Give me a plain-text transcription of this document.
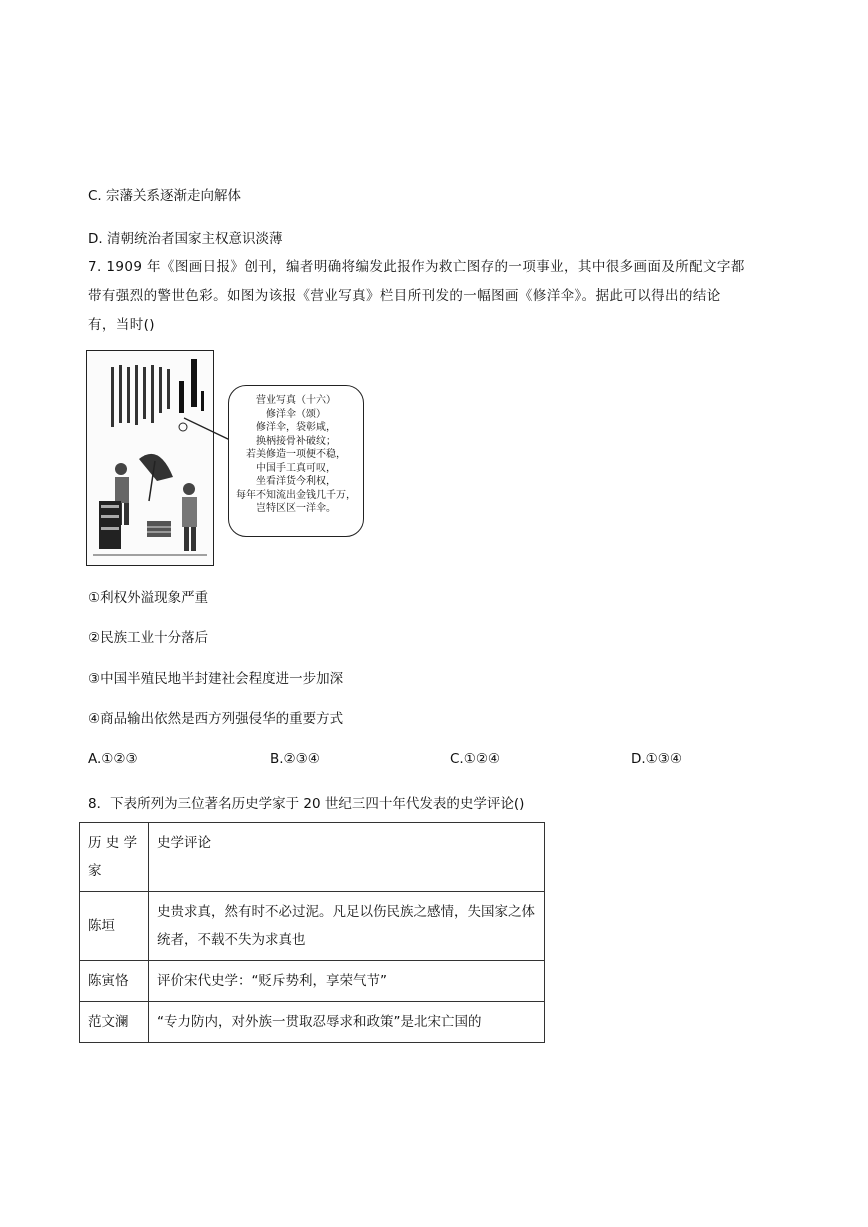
C. 宗藩关系逐渐走向解体
D. 清朝统治者国家主权意识淡薄
7. 1909 年《图画日报》创刊，编者明确将编发此报作为救亡图存的一项事业，其中很多画面及所配文字都
带有强烈的警世色彩。如图为该报《营业写真》栏目所刊发的一幅图画《修洋伞》。据此可以得出的结论
有，当时()
营业写真（十六）
修洋伞（颂）
修洋伞，袋彰咸，
换柄接骨补破纹；
若美修造一项便不稳，
中国手工真可叹，
坐看洋货今利权，
每年不知流出金钱几千万，
岂特区区一洋伞。
①利权外溢现象严重
②民族工业十分落后
③中国半殖民地半封建社会程度进一步加深
④商品输出依然是西方列强侵华的重要方式
A.①②③	B.②③④	C.①②④	D.①③④
8．下表所列为三位著名历史学家于 20 世纪三四十年代发表的史学评论()
历 史 学家	史学评论
陈垣	史贵求真，然有时不必过泥。凡足以伤民族之感情，失国家之体统者，不载不失为求真也
陈寅恪	评价宋代史学：“贬斥势利，享荣气节”
范文澜	“专力防内，对外族一贯取忍辱求和政策”是北宋亡国的
